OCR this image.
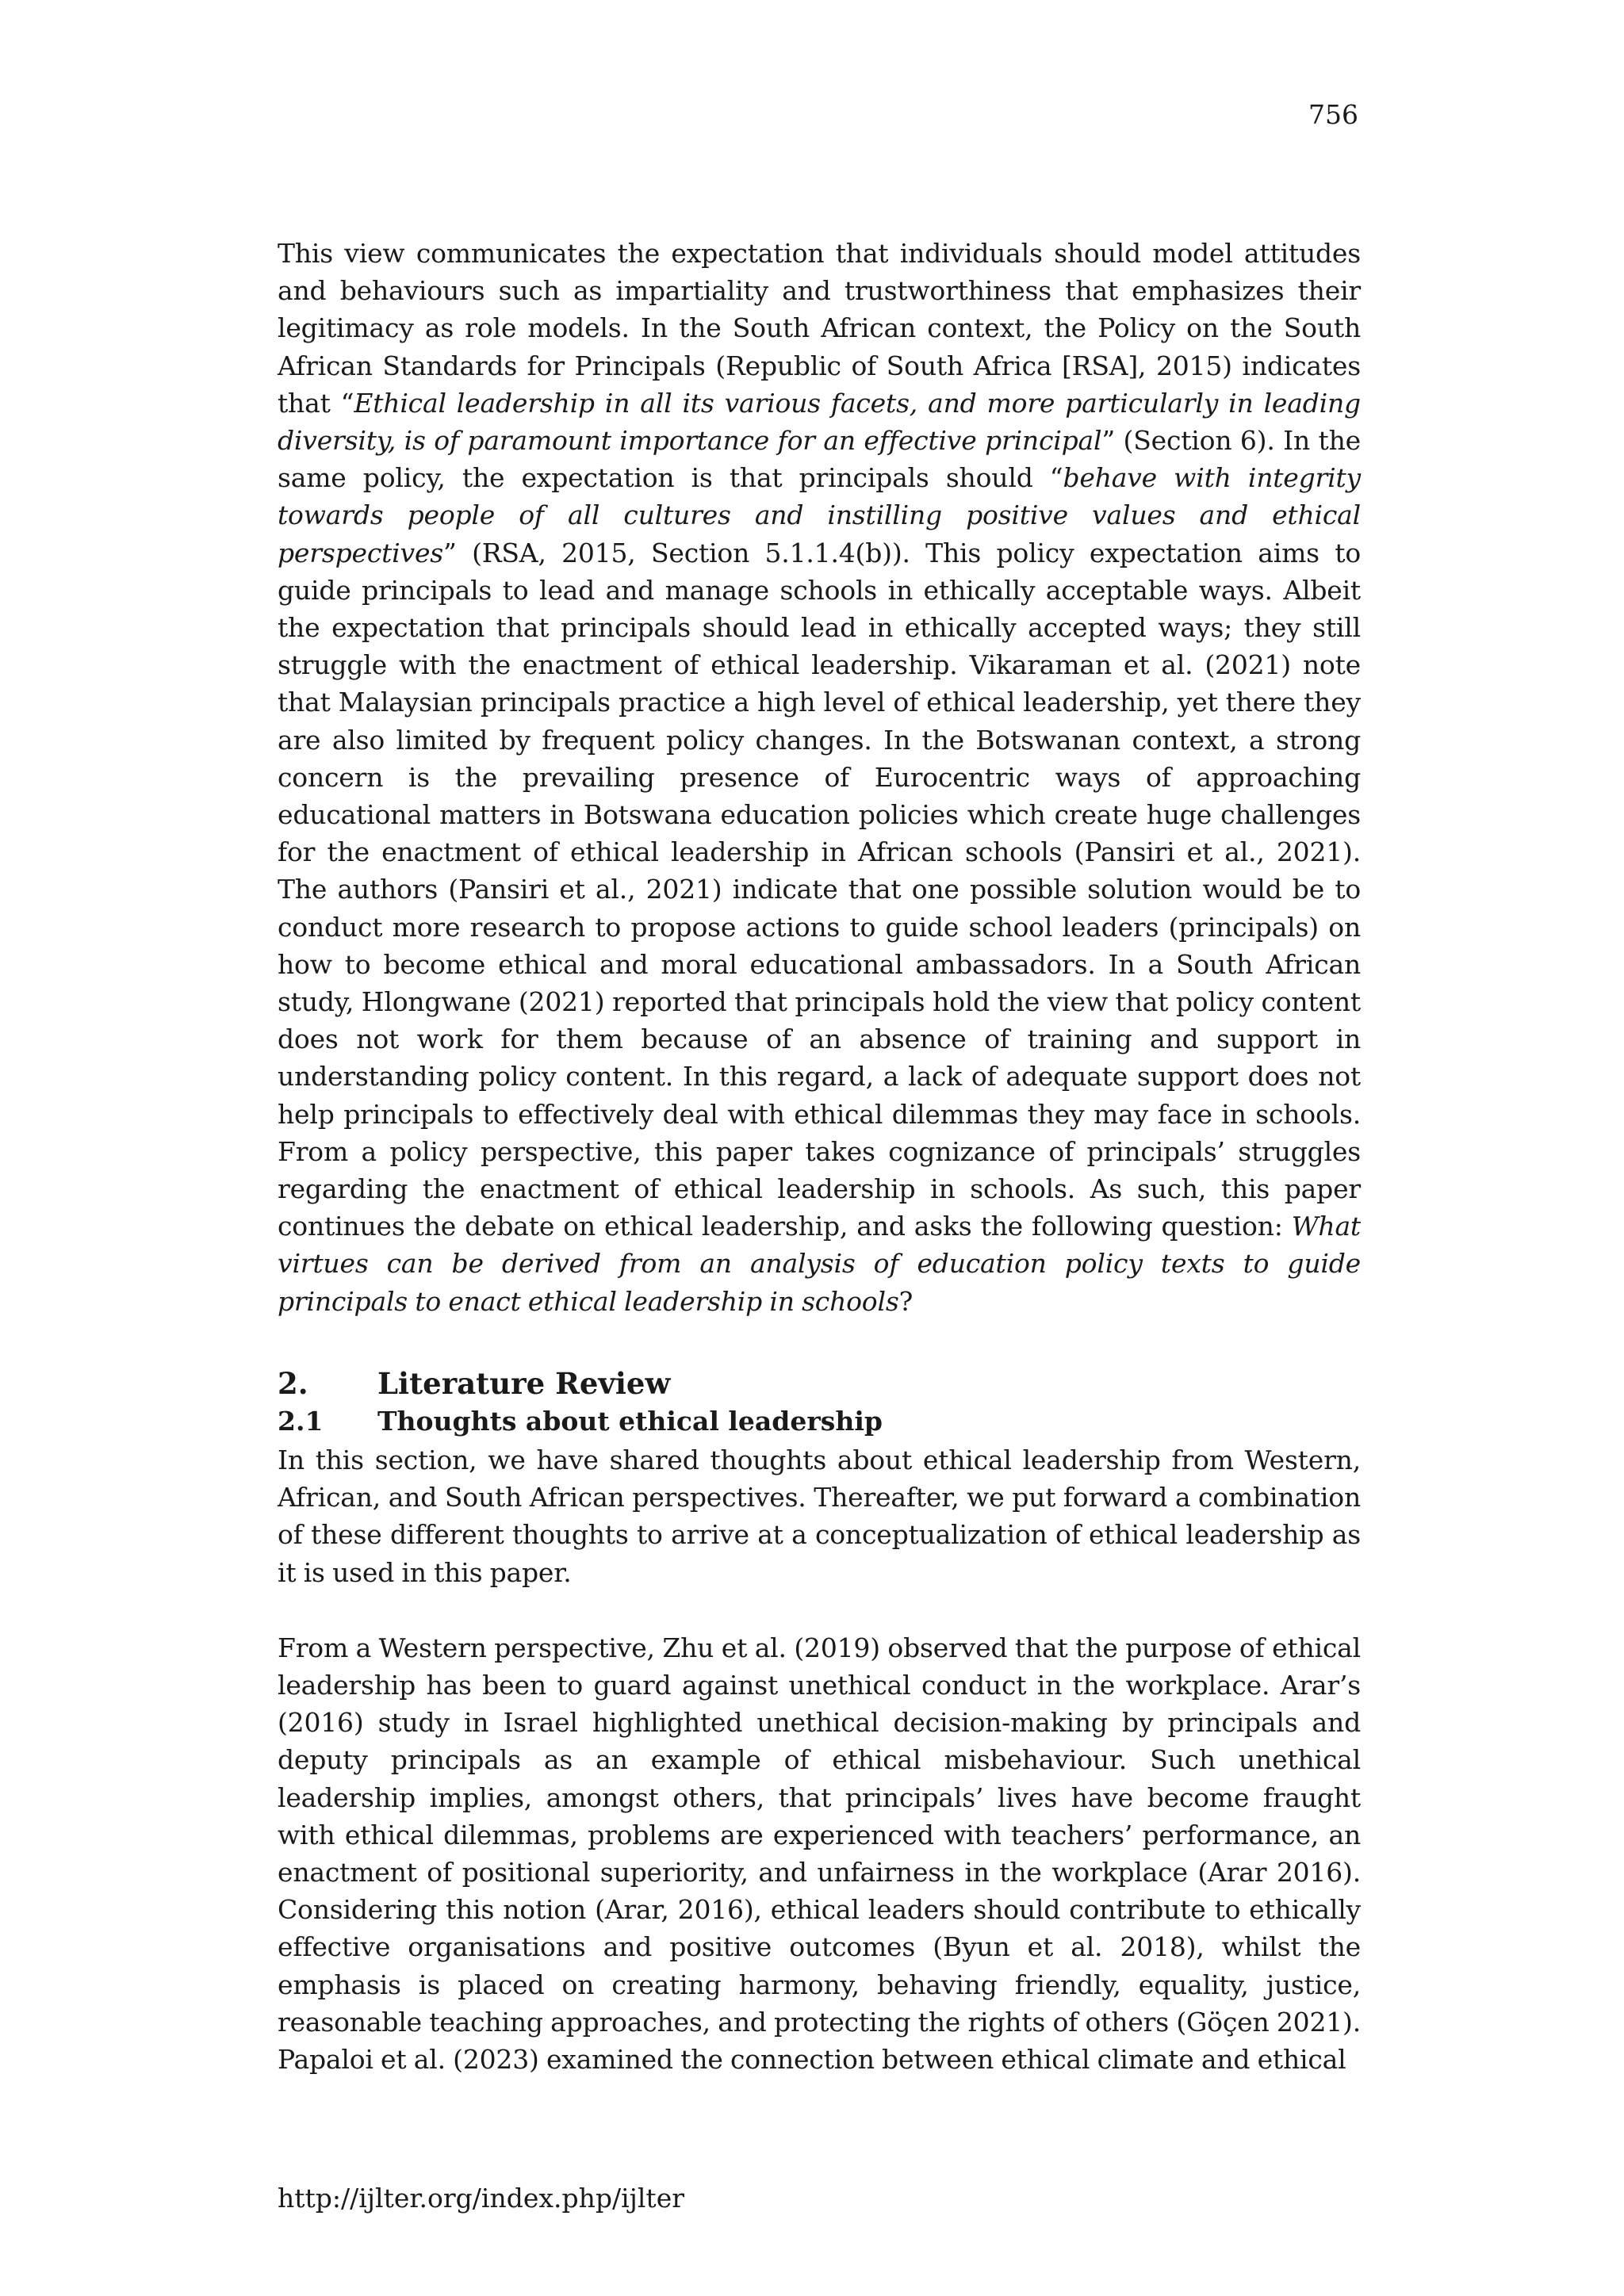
756

This view communicates the expectation that individuals should model attitudes and behaviours such as impartiality and trustworthiness that emphasizes their legitimacy as role models. In the South African context, the Policy on the South African Standards for Principals (Republic of South Africa [RSA], 2015) indicates that “Ethical leadership in all its various facets, and more particularly in leading diversity, is of paramount importance for an effective principal” (Section 6). In the same policy, the expectation is that principals should “behave with integrity towards people of all cultures and instilling positive values and ethical perspectives” (RSA, 2015, Section 5.1.1.4(b)). This policy expectation aims to guide principals to lead and manage schools in ethically acceptable ways. Albeit the expectation that principals should lead in ethically accepted ways; they still struggle with the enactment of ethical leadership. Vikaraman et al. (2021) note that Malaysian principals practice a high level of ethical leadership, yet there they are also limited by frequent policy changes. In the Botswanan context, a strong concern is the prevailing presence of Eurocentric ways of approaching educational matters in Botswana education policies which create huge challenges for the enactment of ethical leadership in African schools (Pansiri et al., 2021). The authors (Pansiri et al., 2021) indicate that one possible solution would be to conduct more research to propose actions to guide school leaders (principals) on how to become ethical and moral educational ambassadors. In a South African study, Hlongwane (2021) reported that principals hold the view that policy content does not work for them because of an absence of training and support in understanding policy content. In this regard, a lack of adequate support does not help principals to effectively deal with ethical dilemmas they may face in schools. From a policy perspective, this paper takes cognizance of principals’ struggles regarding the enactment of ethical leadership in schools. As such, this paper continues the debate on ethical leadership, and asks the following question: What virtues can be derived from an analysis of education policy texts to guide principals to enact ethical leadership in schools?

2.	Literature Review
2.1	Thoughts about ethical leadership

In this section, we have shared thoughts about ethical leadership from Western, African, and South African perspectives. Thereafter, we put forward a combination of these different thoughts to arrive at a conceptualization of ethical leadership as it is used in this paper.

From a Western perspective, Zhu et al. (2019) observed that the purpose of ethical leadership has been to guard against unethical conduct in the workplace. Arar’s (2016) study in Israel highlighted unethical decision-making by principals and deputy principals as an example of ethical misbehaviour. Such unethical leadership implies, amongst others, that principals’ lives have become fraught with ethical dilemmas, problems are experienced with teachers’ performance, an enactment of positional superiority, and unfairness in the workplace (Arar 2016). Considering this notion (Arar, 2016), ethical leaders should contribute to ethically effective organisations and positive outcomes (Byun et al. 2018), whilst the emphasis is placed on creating harmony, behaving friendly, equality, justice, reasonable teaching approaches, and protecting the rights of others (Göçen 2021). Papaloi et al. (2023) examined the connection between ethical climate and ethical

http://ijlter.org/index.php/ijlter
